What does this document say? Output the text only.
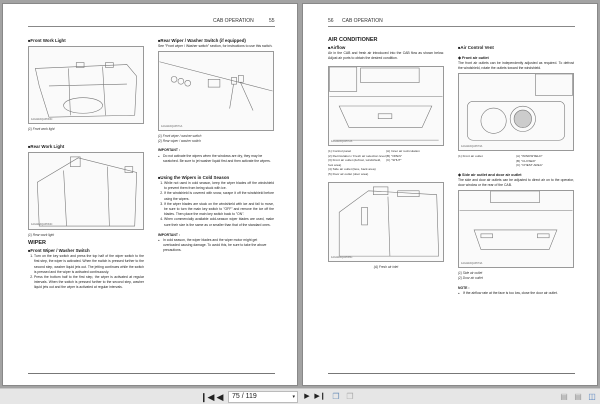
CAB OPERATION	55
■ Front Work Light
1AGARAQAP033C
(1) Front work light
■ Rear Work Light
1AGARAQAP034C
(1) Rear work light
WIPER
■ Front Wiper / Washer Switch
1. Turn on the key switch and press the top half of the wiper switch to the first step, the wiper is activated. When the switch is pressed further to the second step, washer liquid jets out. The jetting continues while the switch is pressed and the wiper is activated continuously.
2. Press the bottom half to the first step, the wiper is activated at regular intervals. When the switch is pressed further to the second step, washer liquid jets out and the wiper is activated at regular intervals.
■ Rear Wiper / Washer Switch (if equipped)
See "Front wiper / Washer switch" section, for instructions to use this switch.
1AGARAQAP071A
(1) Front wiper / washer switch
(2) Rear wiper / washer switch
IMPORTANT :
● Do not activate the wipers when the windows are dry, they may be scratched. Be sure to jet washer liquid first and then activate the wipers.
■ Using the Wipers in Cold Season
1. While not used in cold season, keep the wiper blades off the windshield to prevent them from being stuck with ice.
2. If the windshield is covered with snow, scrape it off the windshield before using the wipers.
3. If the wiper blades are stuck on the windshield with ice and fail to move, be sure to turn the main key switch to "OFF" and remove the ice off the blades. Then place the main key switch back to "ON".
4. When commercially available cold-season wiper blades are used, make sure their size is the same as or smaller than that of the standard ones.
IMPORTANT :
● In cold season, the wiper blades and the wiper motor might get overloaded causing damage. To avoid this, be sure to take the above precautions.
56 CAB OPERATION
AIR CONDITIONER
■ Airflow
Air in the CAB and fresh air introduced into the CAB flow as shown below. Adjust air ports to obtain the desired condition.
1AGARAQAP072A
(1) Control panel
(2) Recirculation / Fresh air selection lever
(3) Front air outlet (defrost, windshield, foot area)
(4) Side air outlet (face, back area)
(5) Door air outlet (door area)
(A) Inner air recirculation
(B) "OPEN"
(C) "SHUT"
1AGARAQAP035C
(A) Fresh air inlet
■ Air Control Vent
◆ Front air outlet
The front air outlets can be independently adjusted as required. To defrost the windshield, rotate the outlets toward the windshield.
1AGARAQAP073A
(1) Front air outlet	(A) "WINDSHIELD"
(B) "CLOSED"
(C) "CHEST AREA"
◆ Side air outlet and door air outlet
The side and door air outlets can be adjusted to direct air on to the operator, door window or the rear of the CAB.
1AGARAQAP074A
(1) Side air outlet
(2) Door air outlet
NOTE :
● If the airflow rate at the face is too low, close the door air outlet.
❙◀ ◀	75 / 119	▾	▶ ▶❙ ❐ ❐	▤ ▤ ◫
